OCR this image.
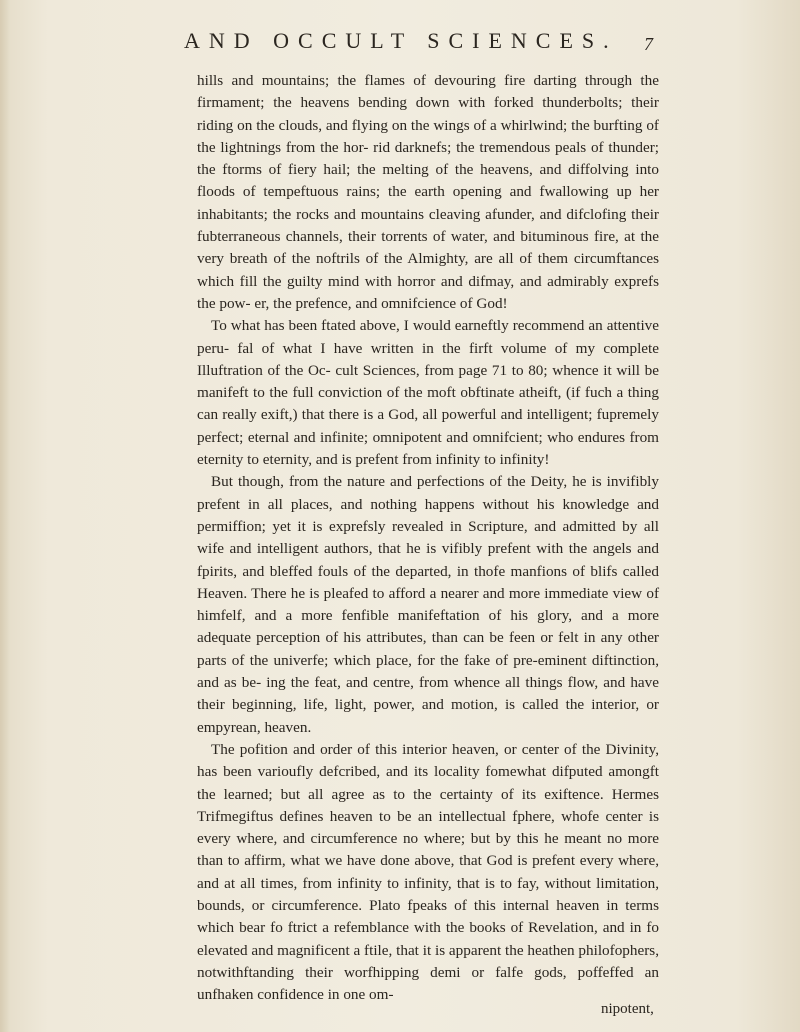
AND OCCULT SCIENCES.	7

hills and mountains; the flames of devouring fire darting through the firmament; the heavens bending down with forked thunderbolts; their riding on the clouds, and flying on the wings of a whirlwind; the burfting of the lightnings from the hor- rid darknefs; the tremendous peals of thunder; the ftorms of fiery hail; the melting of the heavens, and diffolving into floods of tempeftuous rains; the earth opening and fwallowing up her inhabitants; the rocks and mountains cleaving afunder, and difclofing their fubterraneous channels, their torrents of water, and bituminous fire, at the very breath of the noftrils of the Almighty, are all of them circumftances which fill the guilty mind with horror and difmay, and admirably exprefs the pow- er, the prefence, and omnifcience of God!

To what has been ftated above, I would earneftly recommend an attentive peru- fal of what I have written in the firft volume of my complete Illuftration of the Oc- cult Sciences, from page 71 to 80; whence it will be manifeft to the full conviction of the moft obftinate atheift, (if fuch a thing can really exift,) that there is a God, all powerful and intelligent; fupremely perfect; eternal and infinite; omnipotent and omnifcient; who endures from eternity to eternity, and is prefent from infinity to infinity!

But though, from the nature and perfections of the Deity, he is invifibly prefent in all places, and nothing happens without his knowledge and permiffion; yet it is exprefsly revealed in Scripture, and admitted by all wife and intelligent authors, that he is vifibly prefent with the angels and fpirits, and bleffed fouls of the departed, in thofe manfions of blifs called Heaven. There he is pleafed to afford a nearer and more immediate view of himfelf, and a more fenfible manifeftation of his glory, and a more adequate perception of his attributes, than can be feen or felt in any other parts of the univerfe; which place, for the fake of pre-eminent diftinction, and as be- ing the feat, and centre, from whence all things flow, and have their beginning, life, light, power, and motion, is called the interior, or empyrean, heaven.

The pofition and order of this interior heaven, or center of the Divinity, has been varioufly defcribed, and its locality fomewhat difputed amongft the learned; but all agree as to the certainty of its exiftence. Hermes Trifmegiftus defines heaven to be an intellectual fphere, whofe center is every where, and circumference no where; but by this he meant no more than to affirm, what we have done above, that God is prefent every where, and at all times, from infinity to infinity, that is to fay, without limitation, bounds, or circumference. Plato fpeaks of this internal heaven in terms which bear fo ftrict a refemblance with the books of Revelation, and in fo elevated and magnificent a ftile, that it is apparent the heathen philofophers, notwithftanding their worfhipping demi or falfe gods, poffeffed an unfhaken confidence in one om-

nipotent,
